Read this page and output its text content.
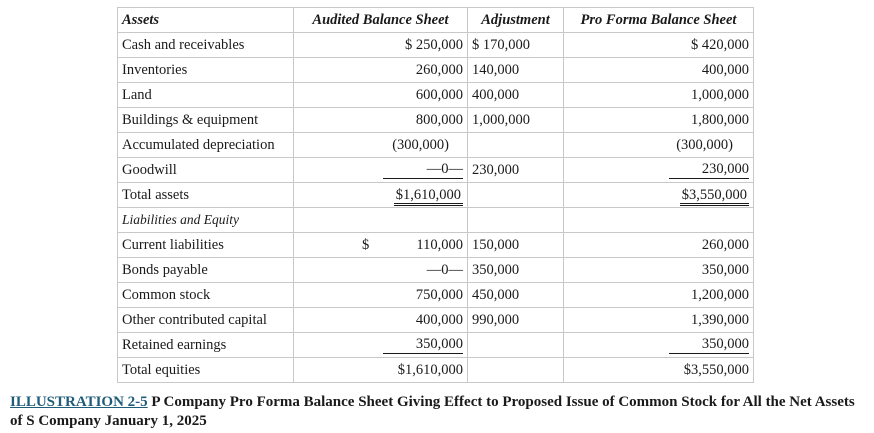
Assets	Audited Balance Sheet	Adjustment	Pro Forma Balance Sheet
Cash and receivables	$ 250,000	$ 170,000	$ 420,000
Inventories	260,000	140,000	400,000
Land	600,000	400,000	1,000,000
Buildings & equipment	800,000	1,000,000	1,800,000
Accumulated depreciation	(300,000)		(300,000)
Goodwill	—0—	230,000	230,000
Total assets	$1,610,000		$3,550,000
Liabilities and Equity			
Current liabilities	$ 110,000	150,000	260,000
Bonds payable	—0—	350,000	350,000
Common stock	750,000	450,000	1,200,000
Other contributed capital	400,000	990,000	1,390,000
Retained earnings	350,000		350,000
Total equities	$1,610,000		$3,550,000
ILLUSTRATION 2-5 P Company Pro Forma Balance Sheet Giving Effect to Proposed Issue of Common Stock for All the Net Assets of S Company January 1, 2025
